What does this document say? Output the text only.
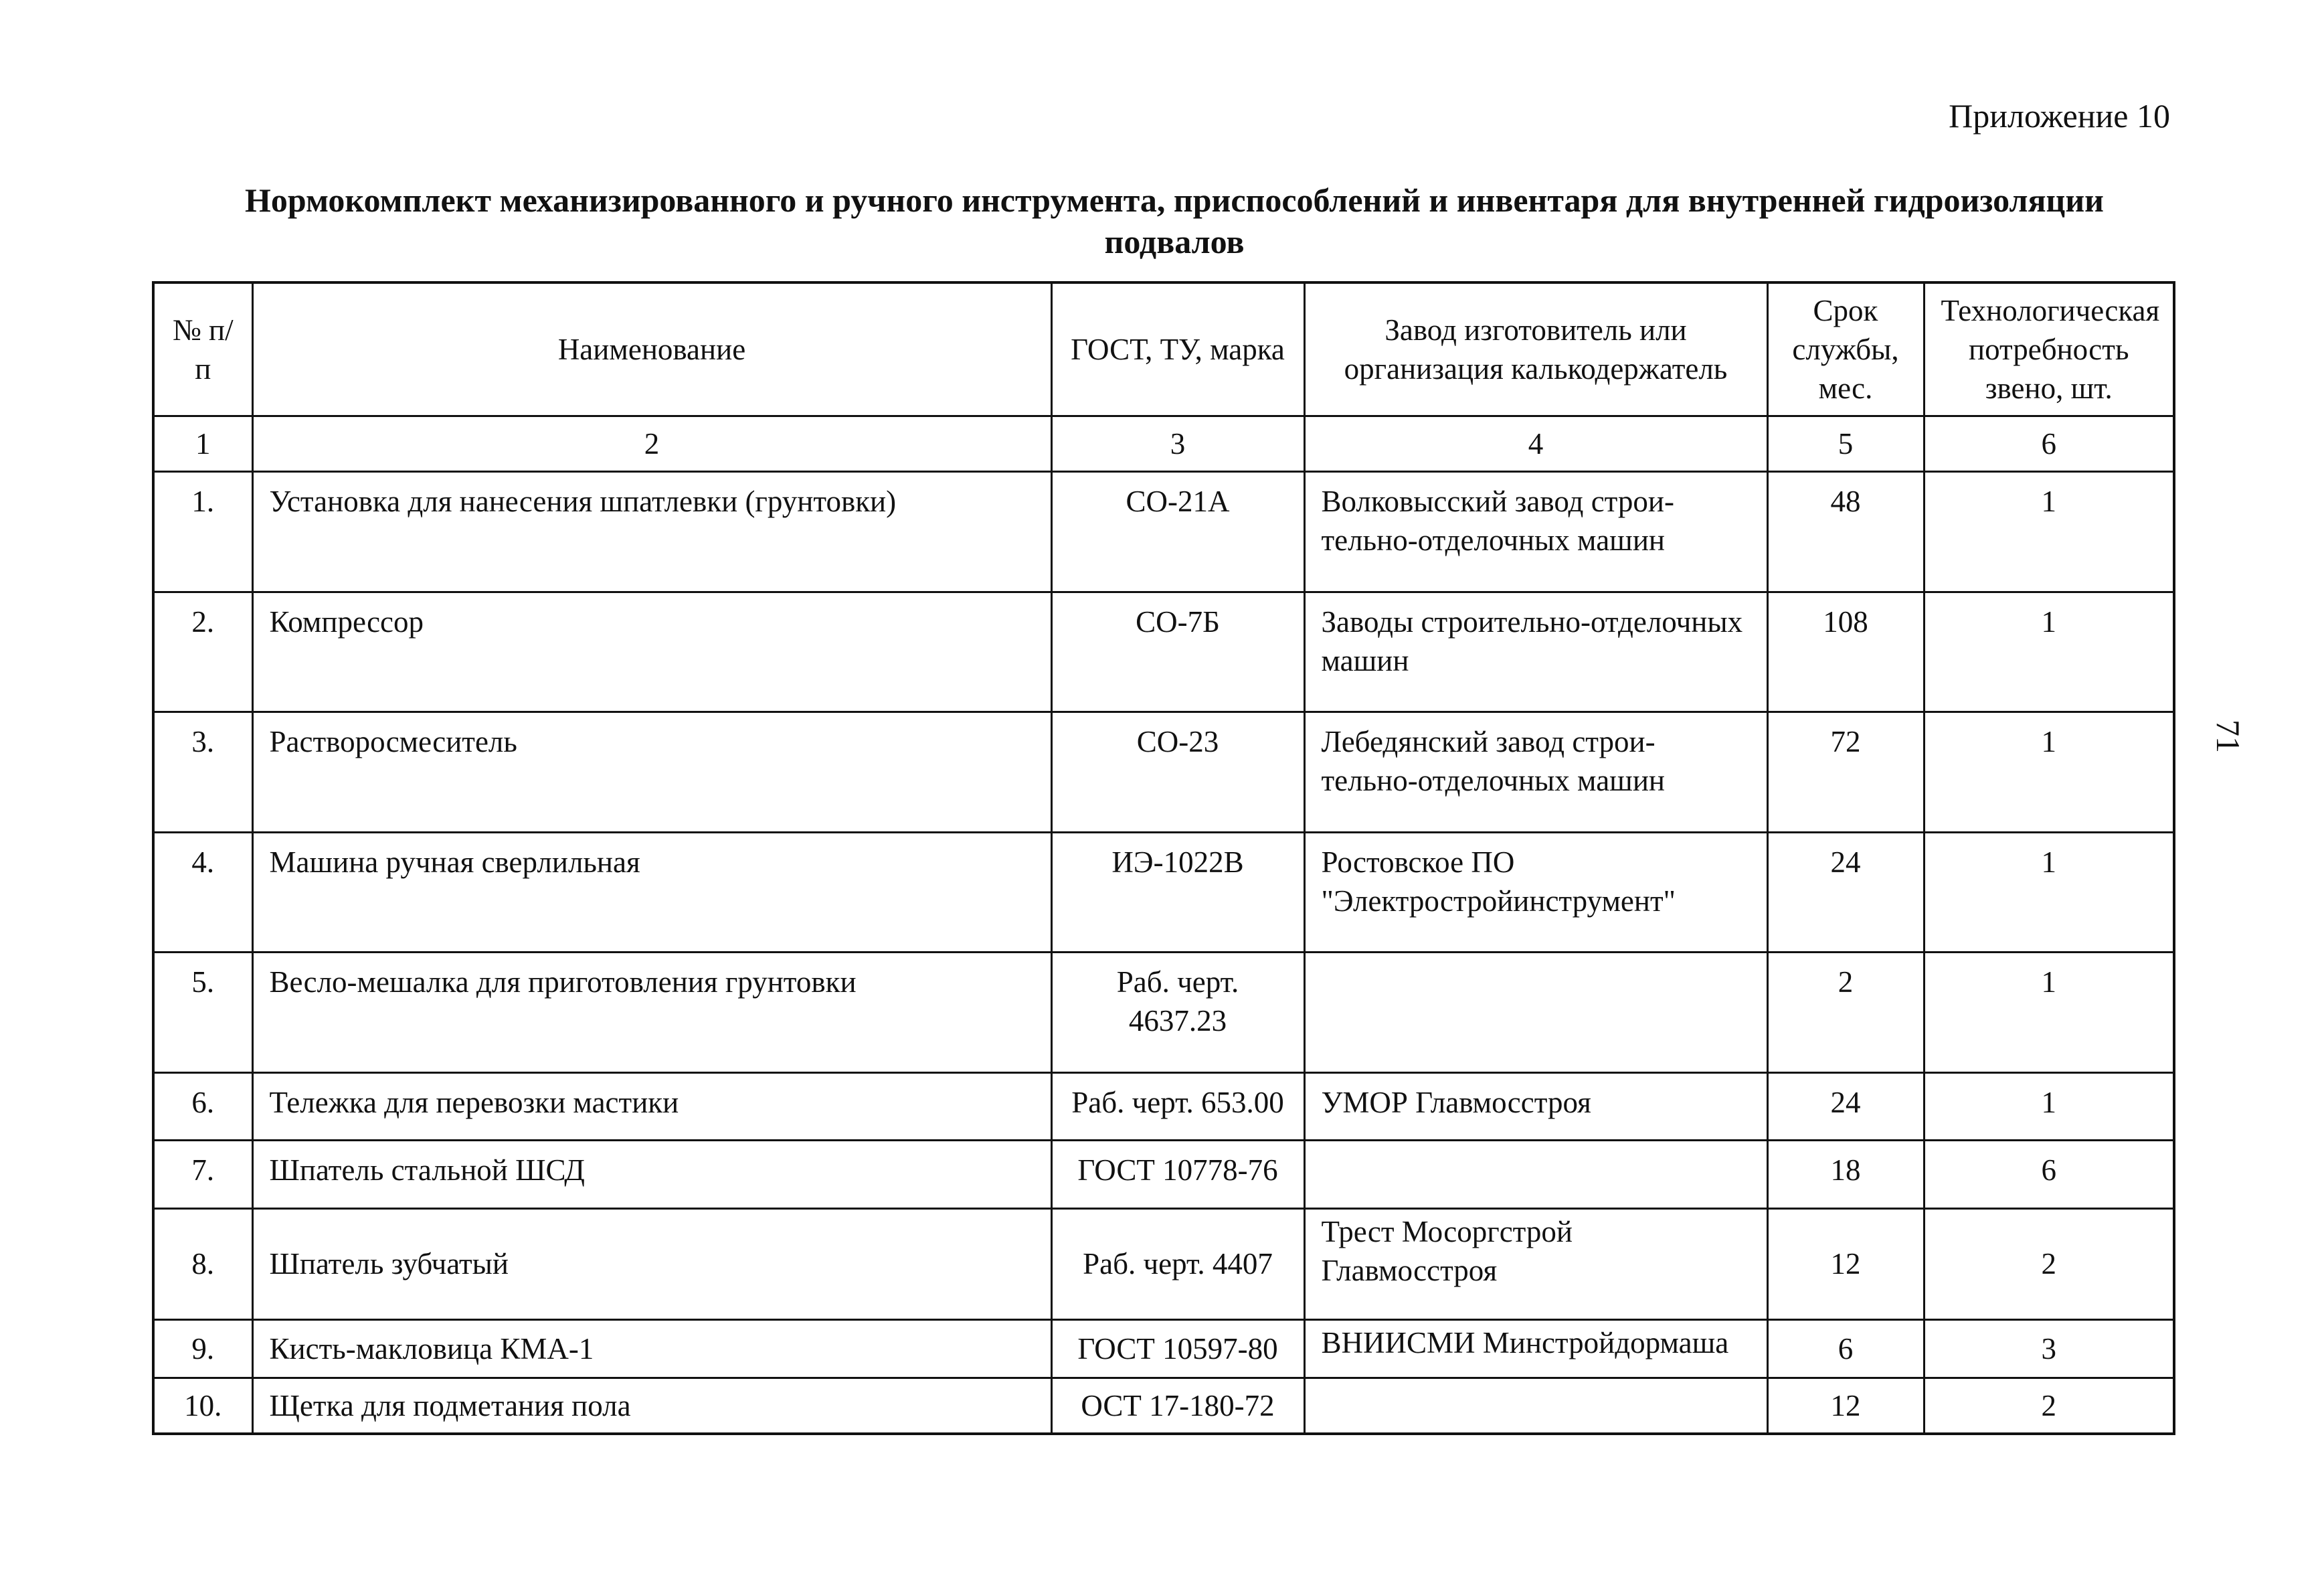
Приложение 10
Нормокомплект механизированного и ручного инструмента, приспособлений и инвентаря для внутренней гидроизоляции подвалов
71
№ п/п	Наименование	ГОСТ, ТУ, марка	Завод изготовитель или организация калькодержатель	Срок службы, мес.	Технологическая потребность звено, шт.
1	2	3	4	5	6
1.	Установка для нанесения шпатлевки (грунтовки)	СО-21А	Волковысский завод строи-тельно-отделочных машин	48	1
2.	Компрессор	СО-7Б	Заводы строительно-отделочных машин	108	1
3.	Растворосмеситель	СО-23	Лебедянский завод строи-тельно-отделочных машин	72	1
4.	Машина ручная сверлильная	ИЭ-1022В	Ростовское ПО "Электростройинструмент"	24	1
5.	Весло-мешалка для приготовления грунтовки	Раб. черт. 4637.23		2	1
6.	Тележка для перевозки мастики	Раб. черт. 653.00	УМОР Главмосстроя	24	1
7.	Шпатель стальной ШСД	ГОСТ 10778-76		18	6
8.	Шпатель зубчатый	Раб. черт. 4407	Трест Мосоргстрой Главмосстроя	12	2
9.	Кисть-макловица КМА-1	ГОСТ 10597-80	ВНИИСМИ Минстройдормаша	6	3
10.	Щетка для подметания пола	ОСТ 17-180-72		12	2
